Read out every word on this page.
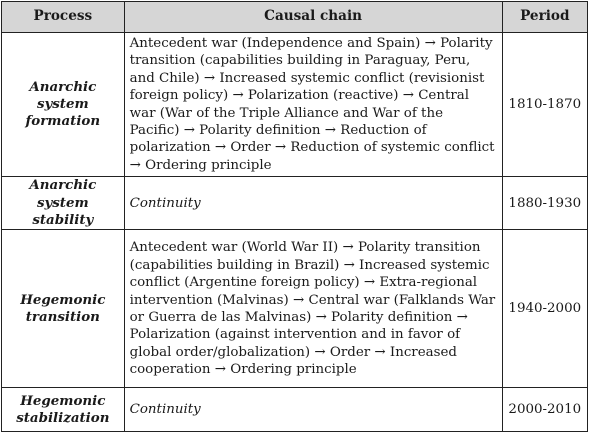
Process	Causal chain	Period
Anarchic system formation	Antecedent war (Independence and Spain) → Polarity transition (capabilities building in Paraguay, Peru, and Chile) → Increased systemic conflict (revisionist foreign policy) → Polarization (reactive) → Central war (War of the Triple Alliance and War of the Pacific) → Polarity definition → Reduction of polarization → Order → Reduction of systemic conflict → Ordering principle	1810-1870
Anarchic system stability	Continuity	1880-1930
Hegemonic transition	Antecedent war (World War II) → Polarity transition (capabilities building in Brazil) → Increased systemic conflict (Argentine foreign policy) → Extra-regional intervention (Malvinas) → Central war (Falklands War or Guerra de las Malvinas) → Polarity definition → Polarization (against intervention and in favor of global order/globalization) → Order → Increased cooperation → Ordering principle	1940-2000
Hegemonic stabilization	Continuity	2000-2010
